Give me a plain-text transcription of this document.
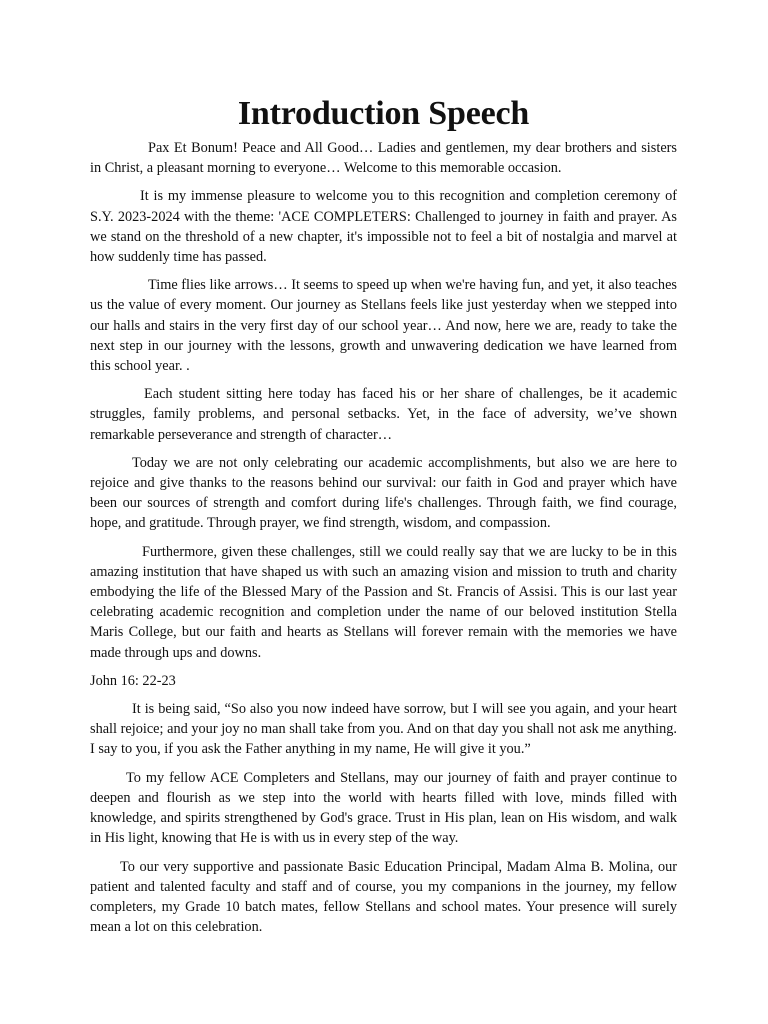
Introduction Speech

Pax Et Bonum! Peace and All Good… Ladies and gentlemen, my dear brothers and sisters in Christ, a pleasant morning to everyone… Welcome to this memorable occasion.

It is my immense pleasure to welcome you to this recognition and completion ceremony of S.Y. 2023-2024 with the theme: 'ACE COMPLETERS: Challenged to journey in faith and prayer. As we stand on the threshold of a new chapter, it's impossible not to feel a bit of nostalgia and marvel at how suddenly time has passed.

Time flies like arrows… It seems to speed up when we're having fun, and yet, it also teaches us the value of every moment. Our journey as Stellans feels like just yesterday when we stepped into our halls and stairs in the very first day of our school year… And now, here we are, ready to take the next step in our journey with the lessons, growth and unwavering dedication we have learned from this school year. .

Each student sitting here today has faced his or her share of challenges, be it academic struggles, family problems, and personal setbacks. Yet, in the face of adversity, we’ve shown remarkable perseverance and strength of character…

Today we are not only celebrating our academic accomplishments, but also we are here to rejoice and give thanks to the reasons behind our survival: our faith in God and prayer which have been our sources of strength and comfort during life's challenges. Through faith, we find courage, hope, and gratitude. Through prayer, we find strength, wisdom, and compassion.

Furthermore, given these challenges, still we could really say that we are lucky to be in this amazing institution that have shaped us with such an amazing vision and mission to truth and charity embodying the life of the Blessed Mary of the Passion and St. Francis of Assisi. This is our last year celebrating academic recognition and completion under the name of our beloved institution Stella Maris College, but our faith and hearts as Stellans will forever remain with the memories we have made through ups and downs.

John 16: 22-23

It is being said, “So also you now indeed have sorrow, but I will see you again, and your heart shall rejoice; and your joy no man shall take from you. And on that day you shall not ask me anything. I say to you, if you ask the Father anything in my name, He will give it you.”

To my fellow ACE Completers and Stellans, may our journey of faith and prayer continue to deepen and flourish as we step into the world with hearts filled with love, minds filled with knowledge, and spirits strengthened by God's grace. Trust in His plan, lean on His wisdom, and walk in His light, knowing that He is with us in every step of the way.

To our very supportive and passionate Basic Education Principal, Madam Alma B. Molina, our patient and talented faculty and staff and of course, you my companions in the journey, my fellow completers, my Grade 10 batch mates, fellow Stellans and school mates. Your presence will surely mean a lot on this celebration.
